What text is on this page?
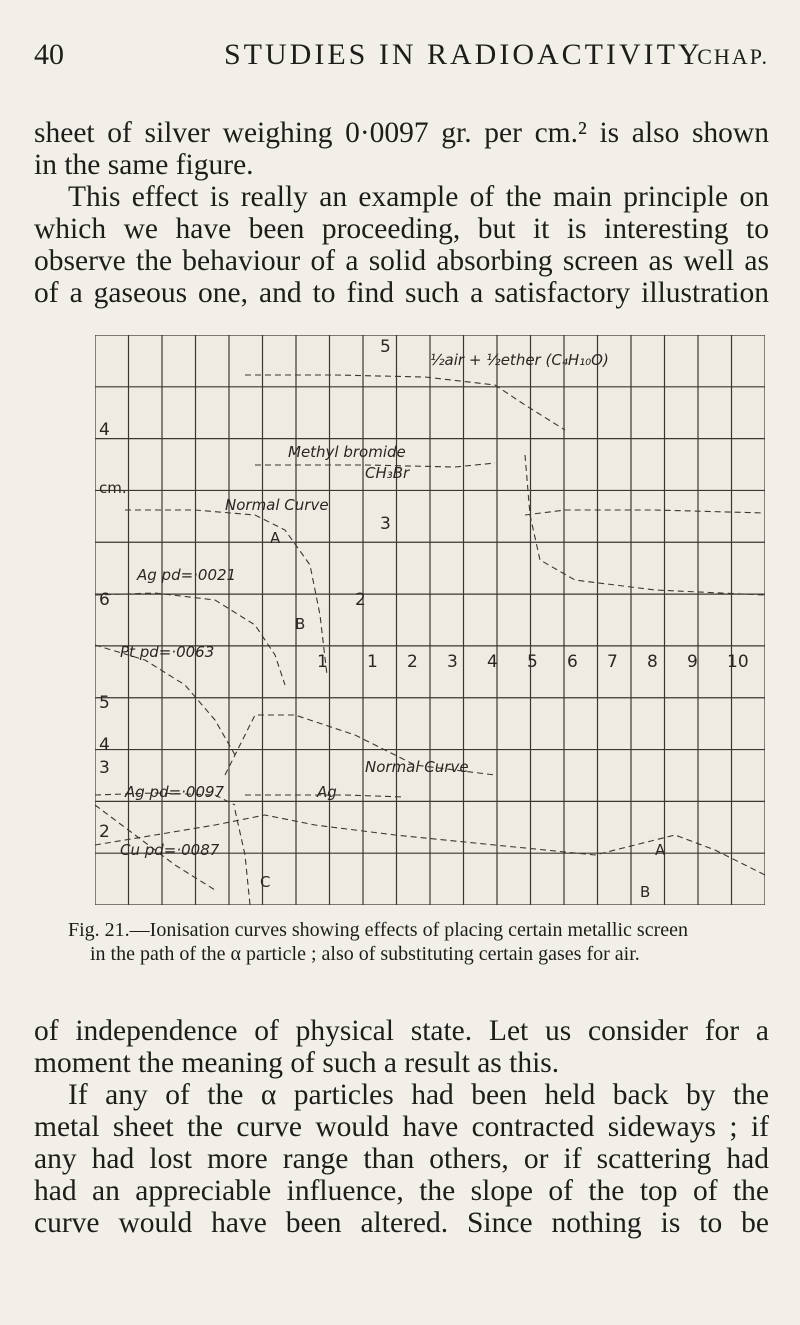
40	STUDIES IN RADIOACTIVITY
CHAP.
sheet of silver weighing 0·0097 gr. per cm.² is also shown
in the same figure.
This effect is really an example of the main principle on
which we have been proceeding, but it is interesting to
observe the behaviour of a solid absorbing screen as well as
of a gaseous one, and to find such a satisfactory illustration
½air + ½ether (C₄H₁₀O)
Methyl bromide
CH₃Br
Normal Curve
Ag pd=·0021
Pt pd=·0063
A
B
Normal Curve
Ag pd=·0097	Ag
Cu pd=·0087
C
A
B
cm.
5
4
3
2
6
5
4
3
2
1 1 2 3 4 5 6 7 8 9 10
Fig. 21.—Ionisation curves showing effects of placing certain metallic screen
in the path of the α particle ; also of substituting certain gases for air.
of independence of physical state. Let us consider for a
moment the meaning of such a result as this.
If any of the α particles had been held back by the
metal sheet the curve would have contracted sideways ; if
any had lost more range than others, or if scattering had
had an appreciable influence, the slope of the top of the
curve would have been altered. Since nothing is to be
